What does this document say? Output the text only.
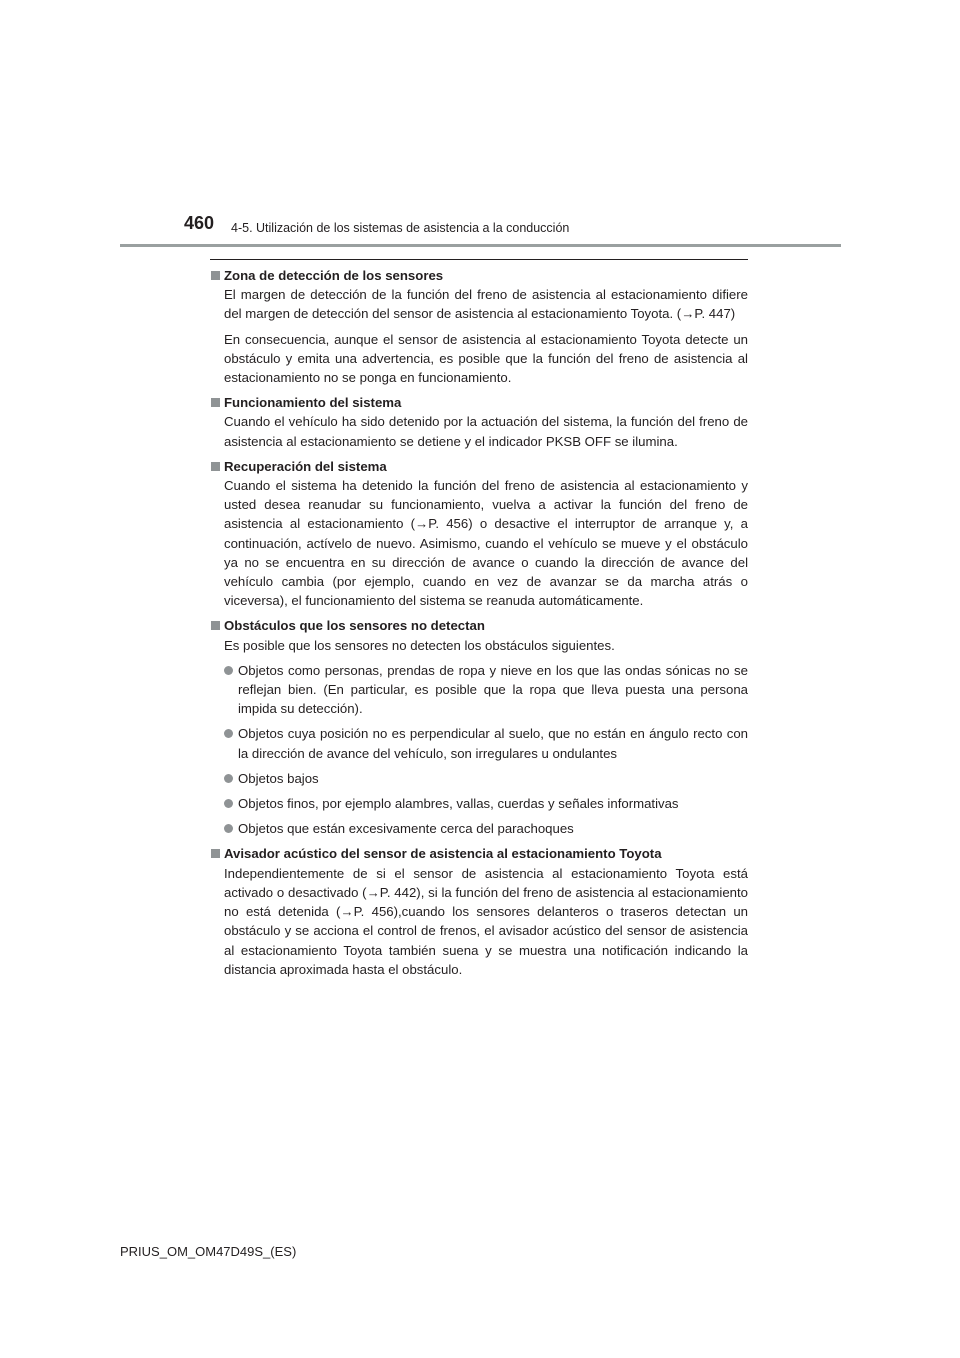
460 4-5. Utilización de los sistemas de asistencia a la conducción
Zona de detección de los sensores

El margen de detección de la función del freno de asistencia al estacionamiento difiere del margen de detección del sensor de asistencia al estacionamiento Toyota. (→P. 447)

En consecuencia, aunque el sensor de asistencia al estacionamiento Toyota detecte un obstáculo y emita una advertencia, es posible que la función del freno de asistencia al estacionamiento no se ponga en funcionamiento.

Funcionamiento del sistema

Cuando el vehículo ha sido detenido por la actuación del sistema, la función del freno de asistencia al estacionamiento se detiene y el indicador PKSB OFF se ilumina.

Recuperación del sistema

Cuando el sistema ha detenido la función del freno de asistencia al estacionamiento y usted desea reanudar su funcionamiento, vuelva a activar la función del freno de asistencia al estacionamiento (→P. 456) o desactive el interruptor de arranque y, a continuación, actívelo de nuevo. Asimismo, cuando el vehículo se mueve y el obstáculo ya no se encuentra en su dirección de avance o cuando la dirección de avance del vehículo cambia (por ejemplo, cuando en vez de avanzar se da marcha atrás o viceversa), el funcionamiento del sistema se reanuda automáticamente.

Obstáculos que los sensores no detectan

Es posible que los sensores no detecten los obstáculos siguientes.

Objetos como personas, prendas de ropa y nieve en los que las ondas sónicas no se reflejan bien. (En particular, es posible que la ropa que lleva puesta una persona impida su detección).
Objetos cuya posición no es perpendicular al suelo, que no están en ángulo recto con la dirección de avance del vehículo, son irregulares u ondulantes
Objetos bajos
Objetos finos, por ejemplo alambres, vallas, cuerdas y señales informativas
Objetos que están excesivamente cerca del parachoques
Avisador acústico del sensor de asistencia al estacionamiento Toyota

Independientemente de si el sensor de asistencia al estacionamiento Toyota está activado o desactivado (→P. 442), si la función del freno de asistencia al estacionamiento no está detenida (→P. 456),cuando los sensores delanteros o traseros detectan un obstáculo y se acciona el control de frenos, el avisador acústico del sensor de asistencia al estacionamiento Toyota también suena y se muestra una notificación indicando la distancia aproximada hasta el obstáculo.

PRIUS_OM_OM47D49S_(ES)
